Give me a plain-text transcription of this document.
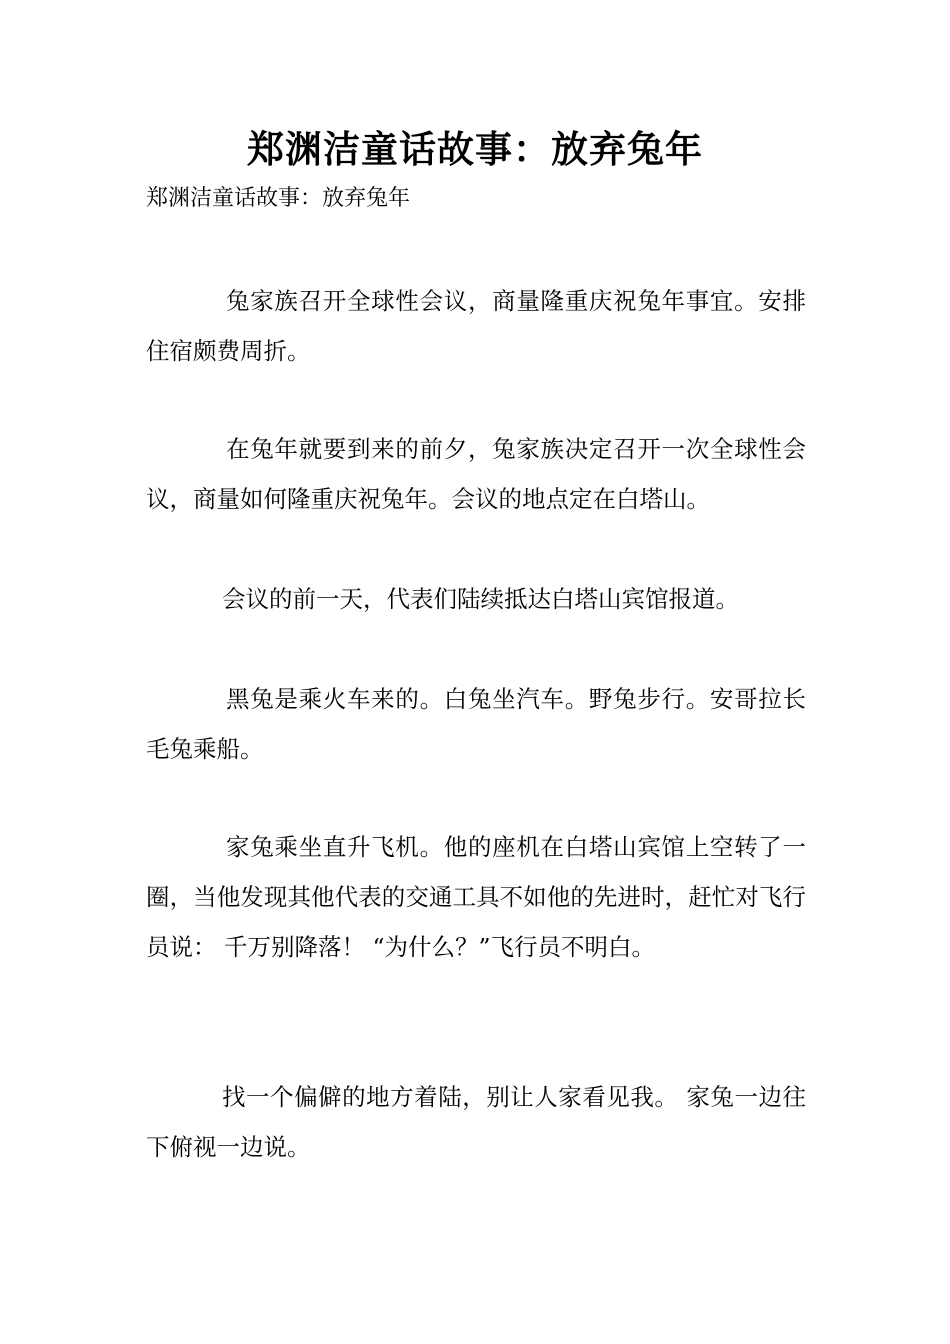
郑渊洁童话故事：放弃兔年
郑渊洁童话故事：放弃兔年

兔家族召开全球性会议，商量隆重庆祝兔年事宜。安排住宿颇费周折。

在兔年就要到来的前夕，兔家族决定召开一次全球性会议，商量如何隆重庆祝兔年。会议的地点定在白塔山。

会议的前一天，代表们陆续抵达白塔山宾馆报道。

黑兔是乘火车来的。白兔坐汽车。野兔步行。安哥拉长毛兔乘船。

家兔乘坐直升飞机。他的座机在白塔山宾馆上空转了一圈，当他发现其他代表的交通工具不如他的先进时，赶忙对飞行员说： 千万别降落！ “为什么？”飞行员不明白。

找一个偏僻的地方着陆，别让人家看见我。 家兔一边往下俯视一边说。
